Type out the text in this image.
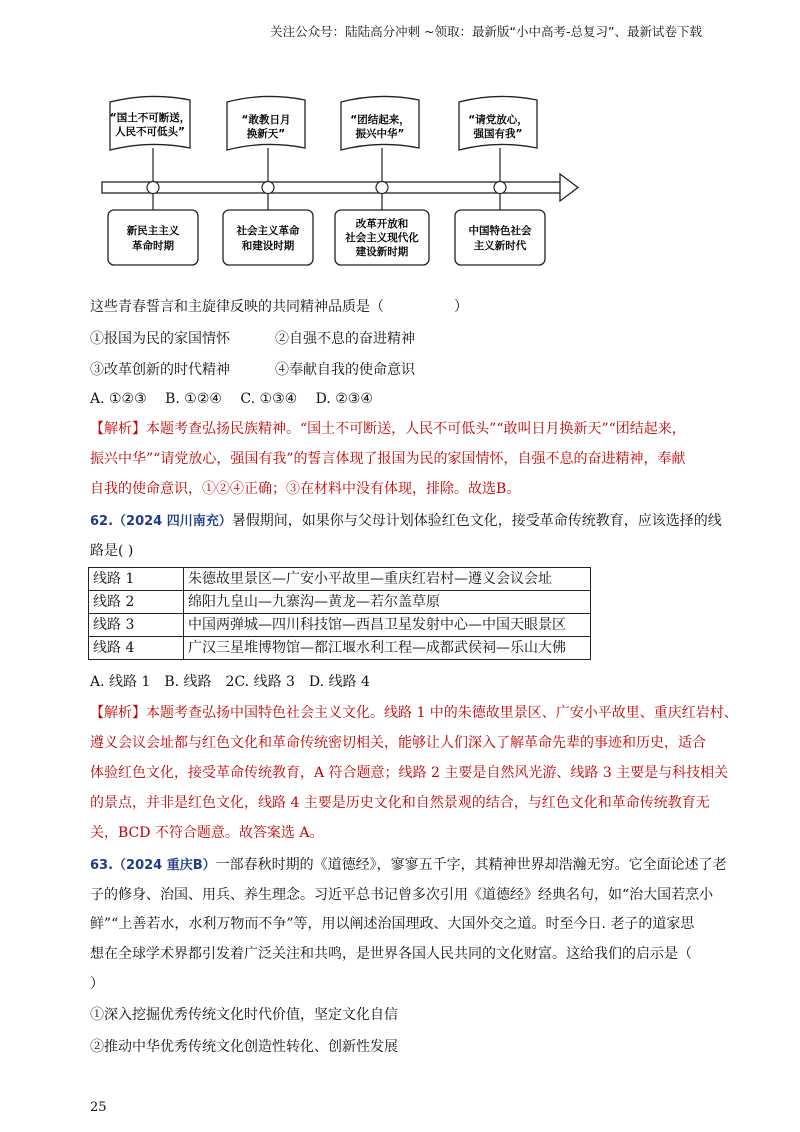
关注公众号：陆陆高分冲刺 ~领取：最新版“小中高考-总复习”、最新试卷下载
“国土不可断送，
人民不可低头”
“敢教日月
换新天”
“团结起来，
振兴中华”
“请党放心，
强国有我”
新民主主义
革命时期
社会主义革命
和建设时期
改革开放和
社会主义现代化
建设新时期
中国特色社会
主义新时代
这些青春誓言和主旋律反映的共同精神品质是（　　　　　）
①报国为民的家国情怀	②自强不息的奋进精神
③改革创新的时代精神	④奉献自我的使命意识
A. ①②③　 B. ①②④　 C. ①③④　 D. ②③④
【解析】本题考查弘扬民族精神。“国土不可断送，人民不可低头”“敢叫日月换新天”“团结起来，
振兴中华”“请党放心，强国有我”的誓言体现了报国为民的家国情怀，自强不息的奋进精神，奉献
自我的使命意识，①②④正确；③在材料中没有体现，排除。故选B。
62.（2024 四川南充）暑假期间，如果你与父母计划体验红色文化，接受革命传统教育，应该选择的线
路是( )
线路 1	朱德故里景区—广安小平故里—重庆红岩村—遵义会议会址
线路 2	绵阳九皇山—九寨沟—黄龙—若尔盖草原
线路 3	中国两弹城—四川科技馆—西昌卫星发射中心—中国天眼景区
线路 4	广汉三星堆博物馆—都江堰水利工程—成都武侯祠—乐山大佛
A. 线路 1　B. 线路　2C. 线路 3　D. 线路 4
【解析】本题考查弘扬中国特色社会主义文化。线路 1 中的朱德故里景区、广安小平故里、重庆红岩村、
遵义会议会址都与红色文化和革命传统密切相关，能够让人们深入了解革命先辈的事迹和历史，适合
体验红色文化，接受革命传统教育，A 符合题意；线路 2 主要是自然风光游、线路 3 主要是与科技相关
的景点，并非是红色文化，线路 4 主要是历史文化和自然景观的结合，与红色文化和革命传统教育无
关，BCD 不符合题意。故答案选 A。
63.（2024 重庆B）一部春秋时期的《道德经》，寥寥五千字，其精神世界却浩瀚无穷。它全面论述了老
子的修身、治国、用兵、养生理念。习近平总书记曾多次引用《道德经》经典名句，如“治大国若烹小
鲜”“上善若水，水利万物而不争”等，用以阐述治国理政、大国外交之道。时至今日. 老子的道家思
想在全球学术界都引发着广泛关注和共鸣，是世界各国人民共同的文化财富。这给我们的启示是（
）
①深入挖掘优秀传统文化时代价值，坚定文化自信
②推动中华优秀传统文化创造性转化、创新性发展
25
